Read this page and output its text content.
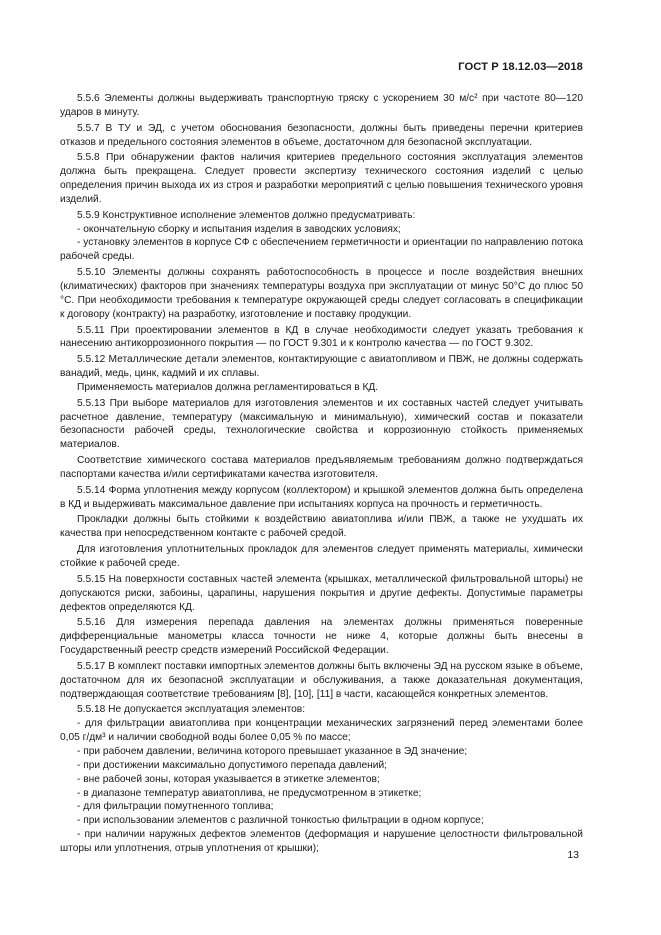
ГОСТ Р 18.12.03—2018

5.5.6 Элементы должны выдерживать транспортную тряску с ускорением 30 м/с² при частоте 80—120 ударов в минуту.

5.5.7 В ТУ и ЭД, с учетом обоснования безопасности, должны быть приведены перечни критериев отказов и предельного состояния элементов в объеме, достаточном для безопасной эксплуатации.

5.5.8 При обнаружении фактов наличия критериев предельного состояния эксплуатация элементов должна быть прекращена. Следует провести экспертизу технического состояния изделий с целью определения причин выхода их из строя и разработки мероприятий с целью повышения технического уровня изделий.

5.5.9 Конструктивное исполнение элементов должно предусматривать:

- окончательную сборку и испытания изделия в заводских условиях;

- установку элементов в корпусе СФ с обеспечением герметичности и ориентации по направлению потока рабочей среды.

5.5.10 Элементы должны сохранять работоспособность в процессе и после воздействия внешних (климатических) факторов при значениях температуры воздуха при эксплуатации от минус 50°С до плюс 50 °С. При необходимости требования к температуре окружающей среды следует согласовать в спецификации к договору (контракту) на разработку, изготовление и поставку продукции.

5.5.11 При проектировании элементов в КД в случае необходимости следует указать требования к нанесению антикоррозионного покрытия — по ГОСТ 9.301 и к контролю качества — по ГОСТ 9.302.

5.5.12 Металлические детали элементов, контактирующие с авиатопливом и ПВЖ, не должны содержать ванадий, медь, цинк, кадмий и их сплавы.

Применяемость материалов должна регламентироваться в КД.

5.5.13 При выборе материалов для изготовления элементов и их составных частей следует учитывать расчетное давление, температуру (максимальную и минимальную), химический состав и показатели безопасности рабочей среды, технологические свойства и коррозионную стойкость применяемых материалов.

Соответствие химического состава материалов предъявляемым требованиям должно подтверждаться паспортами качества и/или сертификатами качества изготовителя.

5.5.14 Форма уплотнения между корпусом (коллектором) и крышкой элементов должна быть определена в КД и выдерживать максимальное давление при испытаниях корпуса на прочность и герметичность.

Прокладки должны быть стойкими к воздействию авиатоплива и/или ПВЖ, а также не ухудшать их качества при непосредственном контакте с рабочей средой.

Для изготовления уплотнительных прокладок для элементов следует применять материалы, химически стойкие к рабочей среде.

5.5.15 На поверхности составных частей элемента (крышках, металлической фильтровальной шторы) не допускаются риски, забоины, царапины, нарушения покрытия и другие дефекты. Допустимые параметры дефектов определяются КД.

5.5.16 Для измерения перепада давления на элементах должны применяться поверенные дифференциальные манометры класса точности не ниже 4, которые должны быть внесены в Государственный реестр средств измерений Российской Федерации.

5.5.17 В комплект поставки импортных элементов должны быть включены ЭД на русском языке в объеме, достаточном для их безопасной эксплуатации и обслуживания, а также доказательная документация, подтверждающая соответствие требованиям [8], [10], [11] в части, касающейся конкретных элементов.

5.5.18 Не допускается эксплуатация элементов:

- для фильтрации авиатоплива при концентрации механических загрязнений перед элементами более 0,05 г/дм³ и наличии свободной воды более 0,05 % по массе;

- при рабочем давлении, величина которого превышает указанное в ЭД значение;

- при достижении максимально допустимого перепада давлений;

- вне рабочей зоны, которая указывается в этикетке элементов;

- в диапазоне температур авиатоплива, не предусмотренном в этикетке;

- для фильтрации помутненного топлива;

- при использовании элементов с различной тонкостью фильтрации в одном корпусе;

- при наличии наружных дефектов элементов (деформация и нарушение целостности фильтровальной шторы или уплотнения, отрыв уплотнения от крышки);

13
